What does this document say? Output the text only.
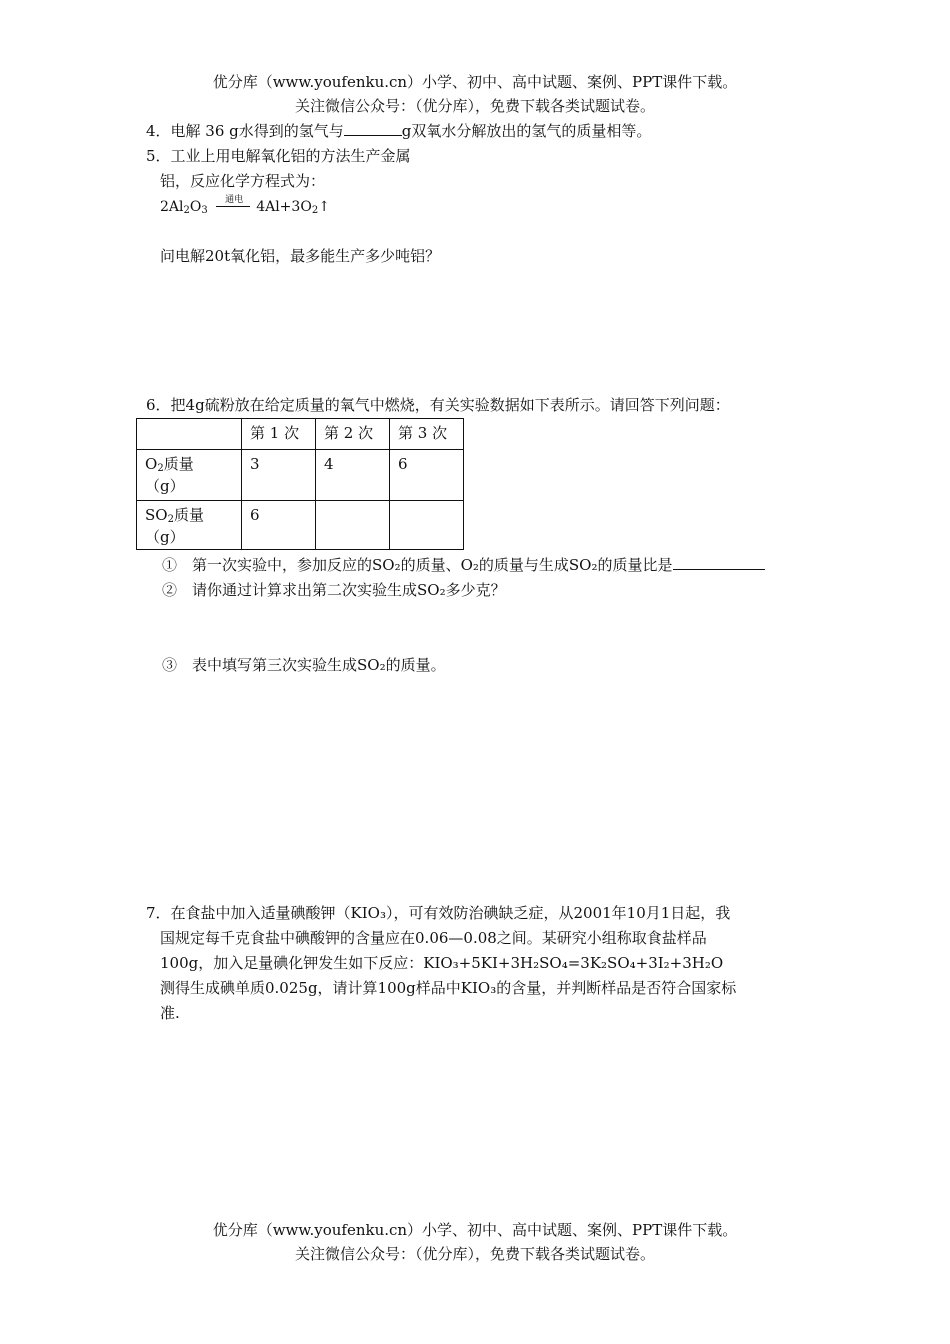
优分库（www.youfenku.cn）小学、初中、高中试题、案例、PPT课件下载。
关注微信公众号：（优分库），免费下载各类试题试卷。
4．电解 36 g水得到的氢气与	g双氧水分解放出的氢气的质量相等。
5．工业上用电解氧化铝的方法生产金属
铝，反应化学方程式为：
$2Al_2O_3$
通电 $4Al+3O_2↑$
问电解20t氧化铝，最多能生产多少吨铝？
6．把4g硫粉放在给定质量的氧气中燃烧，有关实验数据如下表所示。请回答下列问题：
	第 1 次	第 2 次	第 3 次
$O_2$质量
（g）	3	4	6
$SO_2$质量
（g）	6		
①　第一次实验中，参加反应的SO₂的质量、O₂的质量与生成SO₂的质量比是
②　请你通过计算求出第二次实验生成SO₂多少克？
③　表中填写第三次实验生成SO₂的质量。
7．在食盐中加入适量碘酸钾（KIO₃），可有效防治碘缺乏症，从2001年10月1日起，我
国规定每千克食盐中碘酸钾的含量应在0.06—0.08之间。某研究小组称取食盐样品
100g，加入足量碘化钾发生如下反应：KIO₃+5KI+3H₂SO₄=3K₂SO₄+3I₂+3H₂O
测得生成碘单质0.025g，请计算100g样品中KIO₃的含量，并判断样品是否符合国家标
准.
优分库（www.youfenku.cn）小学、初中、高中试题、案例、PPT课件下载。
关注微信公众号：（优分库），免费下载各类试题试卷。
